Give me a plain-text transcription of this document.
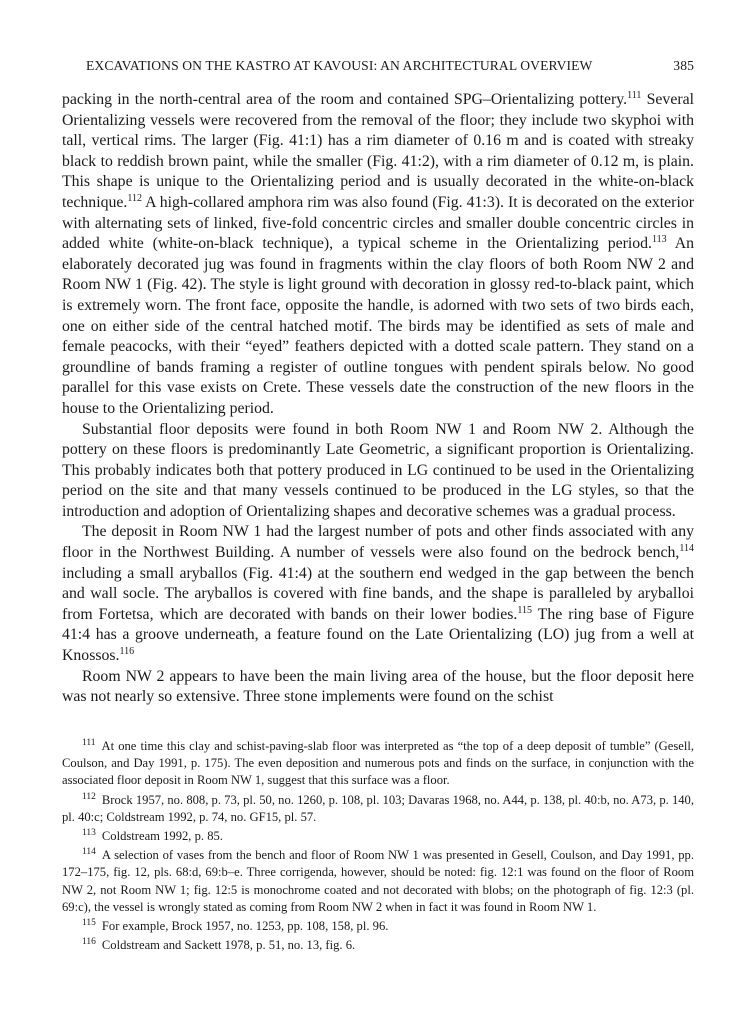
EXCAVATIONS ON THE KASTRO AT KAVOUSI: AN ARCHITECTURAL OVERVIEW	385

packing in the north-central area of the room and contained SPG–Orientalizing pottery.$^{111}$ Several Orientalizing vessels were recovered from the removal of the floor; they include two skyphoi with tall, vertical rims. The larger (Fig. 41:1) has a rim diameter of 0.16 m and is coated with streaky black to reddish brown paint, while the smaller (Fig. 41:2), with a rim diameter of 0.12 m, is plain. This shape is unique to the Orientalizing period and is usually decorated in the white-on-black technique.$^{112}$ A high-collared amphora rim was also found (Fig. 41:3). It is decorated on the exterior with alternating sets of linked, five-fold concentric circles and smaller double concentric circles in added white (white-on-black technique), a typical scheme in the Orientalizing period.$^{113}$ An elaborately decorated jug was found in fragments within the clay floors of both Room NW 2 and Room NW 1 (Fig. 42). The style is light ground with decoration in glossy red-to-black paint, which is extremely worn. The front face, opposite the handle, is adorned with two sets of two birds each, one on either side of the central hatched motif. The birds may be identified as sets of male and female peacocks, with their “eyed” feathers depicted with a dotted scale pattern. They stand on a groundline of bands framing a register of outline tongues with pendent spirals below. No good parallel for this vase exists on Crete. These vessels date the construction of the new floors in the house to the Orientalizing period.

Substantial floor deposits were found in both Room NW 1 and Room NW 2. Although the pottery on these floors is predominantly Late Geometric, a significant proportion is Orientalizing. This probably indicates both that pottery produced in LG continued to be used in the Orientalizing period on the site and that many vessels continued to be produced in the LG styles, so that the introduction and adoption of Orientalizing shapes and decorative schemes was a gradual process.

The deposit in Room NW 1 had the largest number of pots and other finds associated with any floor in the Northwest Building. A number of vessels were also found on the bedrock bench,$^{114}$ including a small aryballos (Fig. 41:4) at the southern end wedged in the gap between the bench and wall socle. The aryballos is covered with fine bands, and the shape is paralleled by aryballoi from Fortetsa, which are decorated with bands on their lower bodies.$^{115}$ The ring base of Figure 41:4 has a groove underneath, a feature found on the Late Orientalizing (LO) jug from a well at Knossos.$^{116}$

Room NW 2 appears to have been the main living area of the house, but the floor deposit here was not nearly so extensive. Three stone implements were found on the schist

$^{111}$ At one time this clay and schist-paving-slab floor was interpreted as “the top of a deep deposit of tumble” (Gesell, Coulson, and Day 1991, p. 175). The even deposition and numerous pots and finds on the surface, in conjunction with the associated floor deposit in Room NW 1, suggest that this surface was a floor.

$^{112}$ Brock 1957, no. 808, p. 73, pl. 50, no. 1260, p. 108, pl. 103; Davaras 1968, no. A44, p. 138, pl. 40:b, no. A73, p. 140, pl. 40:c; Coldstream 1992, p. 74, no. GF15, pl. 57.

$^{113}$ Coldstream 1992, p. 85.

$^{114}$ A selection of vases from the bench and floor of Room NW 1 was presented in Gesell, Coulson, and Day 1991, pp. 172–175, fig. 12, pls. 68:d, 69:b–e. Three corrigenda, however, should be noted: fig. 12:1 was found on the floor of Room NW 2, not Room NW 1; fig. 12:5 is monochrome coated and not decorated with blobs; on the photograph of fig. 12:3 (pl. 69:c), the vessel is wrongly stated as coming from Room NW 2 when in fact it was found in Room NW 1.

$^{115}$ For example, Brock 1957, no. 1253, pp. 108, 158, pl. 96.

$^{116}$ Coldstream and Sackett 1978, p. 51, no. 13, fig. 6.
